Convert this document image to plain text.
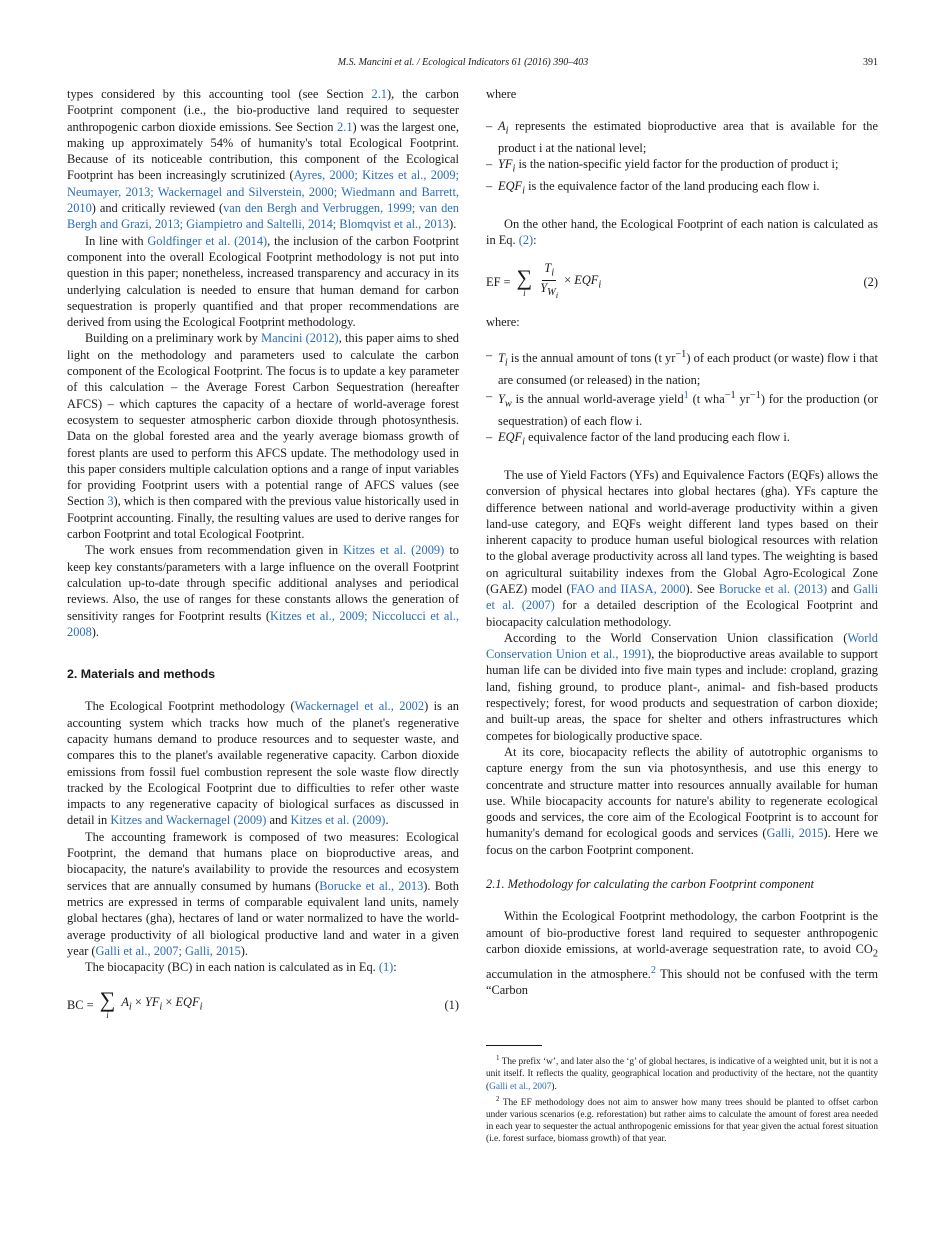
M.S. Mancini et al. / Ecological Indicators 61 (2016) 390–403	391

types considered by this accounting tool (see Section 2.1), the carbon Footprint component (i.e., the bio-productive land required to sequester anthropogenic carbon dioxide emissions. See Section 2.1) was the largest one, making up approximately 54% of humanity's total Ecological Footprint. Because of its noticeable contribution, this component of the Ecological Footprint has been increasingly scrutinized (Ayres, 2000; Kitzes et al., 2009; Neumayer, 2013; Wackernagel and Silverstein, 2000; Wiedmann and Barrett, 2010) and critically reviewed (van den Bergh and Verbruggen, 1999; van den Bergh and Grazi, 2013; Giampietro and Saltelli, 2014; Blomqvist et al., 2013).

In line with Goldfinger et al. (2014), the inclusion of the carbon Footprint component into the overall Ecological Footprint methodology is not put into question in this paper; nonetheless, increased transparency and accuracy in its underlying calculation is needed to ensure that human demand for carbon sequestration is properly quantified and that proper recommendations are derived from using the Ecological Footprint methodology.

Building on a preliminary work by Mancini (2012), this paper aims to shed light on the methodology and parameters used to calculate the carbon component of the Ecological Footprint. The focus is to update a key parameter of this calculation – the Average Forest Carbon Sequestration (hereafter AFCS) – which captures the capacity of a hectare of world-average forest ecosystem to sequester atmospheric carbon dioxide through photosynthesis. Data on the global forested area and the yearly average biomass growth of forest plants are used to perform this AFCS update. The methodology used in this paper considers multiple calculation options and a range of input variables for providing Footprint users with a potential range of AFCS values (see Section 3), which is then compared with the previous value historically used in Footprint accounting. Finally, the resulting values are used to derive ranges for carbon Footprint and total Ecological Footprint.

The work ensues from recommendation given in Kitzes et al. (2009) to keep key constants/parameters with a large influence on the overall Footprint calculation up-to-date through specific additional analyses and periodical reviews. Also, the use of ranges for these constants allows the generation of sensitivity ranges for Footprint results (Kitzes et al., 2009; Niccolucci et al., 2008).

2. Materials and methods

The Ecological Footprint methodology (Wackernagel et al., 2002) is an accounting system which tracks how much of the planet's regenerative capacity humans demand to produce resources and to sequester waste, and compares this to the planet's available regenerative capacity. Carbon dioxide emissions from fossil fuel combustion represent the sole waste flow directly tracked by the Ecological Footprint due to difficulties to refer other waste impacts to any regenerative capacity of biological surfaces as discussed in detail in Kitzes and Wackernagel (2009) and Kitzes et al. (2009).

The accounting framework is composed of two measures: Ecological Footprint, the demand that humans place on bioproductive areas, and biocapacity, the nature's availability to provide the resources and ecosystem services that are annually consumed by humans (Borucke et al., 2013). Both metrics are expressed in terms of comparable equivalent land units, namely global hectares (gha), hectares of land or water normalized to have the world-average productivity of all biological productive land and water in a given year (Galli et al., 2007; Galli, 2015).

The biocapacity (BC) in each nation is calculated as in Eq. (1):

BC = ∑
i
$A_i \times YF_i \times EQF_i$	(1)

where

– $A_i$ represents the estimated bioproductive area that is available for the product i at the national level;
– $YF_i$ is the nation-specific yield factor for the production of product i;
– $EQF_i$ is the equivalence factor of the land producing each flow i.

On the other hand, the Ecological Footprint of each nation is calculated as in Eq. (2):

EF = ∑
i $\frac{T_i}{Y_{W_i}} \times EQF_i$	(2)

where:

– $T_i$ is the annual amount of tons (t $yr^{-1}$) of each product (or waste) flow i that are consumed (or released) in the nation;
– $Y_w$ is the annual world-average yield$^1$ (t wha$^{-1}$ $yr^{-1}$) for the production (or sequestration) of each flow i.
– $EQF_i$ equivalence factor of the land producing each flow i.

The use of Yield Factors (YFs) and Equivalence Factors (EQFs) allows the conversion of physical hectares into global hectares (gha). YFs capture the difference between national and world-average productivity within a given land-use category, and EQFs weight different land types based on their inherent capacity to produce human useful biological resources with relation to the global average productivity across all land types. The weighting is based on agricultural suitability indexes from the Global Agro-Ecological Zone (GAEZ) model (FAO and IIASA, 2000). See Borucke et al. (2013) and Galli et al. (2007) for a detailed description of the Ecological Footprint and biocapacity calculation methodology.

According to the World Conservation Union classification (World Conservation Union et al., 1991), the bioproductive areas available to support human life can be divided into five main types and include: cropland, grazing land, fishing ground, to produce plant-, animal- and fish-based products respectively; forest, for wood products and sequestration of carbon dioxide; and built-up areas, the space for shelter and others infrastructures which competes for biologically productive space.

At its core, biocapacity reflects the ability of autotrophic organisms to capture energy from the sun via photosynthesis, and use this energy to concentrate and structure matter into resources annually available for human use. While biocapacity accounts for nature's ability to regenerate ecological goods and services, the core aim of the Ecological Footprint is to account for humanity's demand for ecological goods and services (Galli, 2015). Here we focus on the carbon Footprint component.

2.1. Methodology for calculating the carbon Footprint component

Within the Ecological Footprint methodology, the carbon Footprint is the amount of bio-productive forest land required to sequester anthropogenic carbon dioxide emissions, at world-average sequestration rate, to avoid $CO_2$ accumulation in the atmosphere.$^2$ This should not be confused with the term “Carbon

$^1$ The prefix ‘w’, and later also the ‘g’ of global hectares, is indicative of a weighted unit, but it is not a unit itself. It reflects the quality, geographical location and productivity of the hectare, not the quantity (Galli et al., 2007).

$^2$ The EF methodology does not aim to answer how many trees should be planted to offset carbon under various scenarios (e.g. reforestation) but rather aims to calculate the amount of forest area needed in each year to sequester the actual anthropogenic emissions for that year given the actual forest situation (i.e. forest surface, biomass growth) of that year.
